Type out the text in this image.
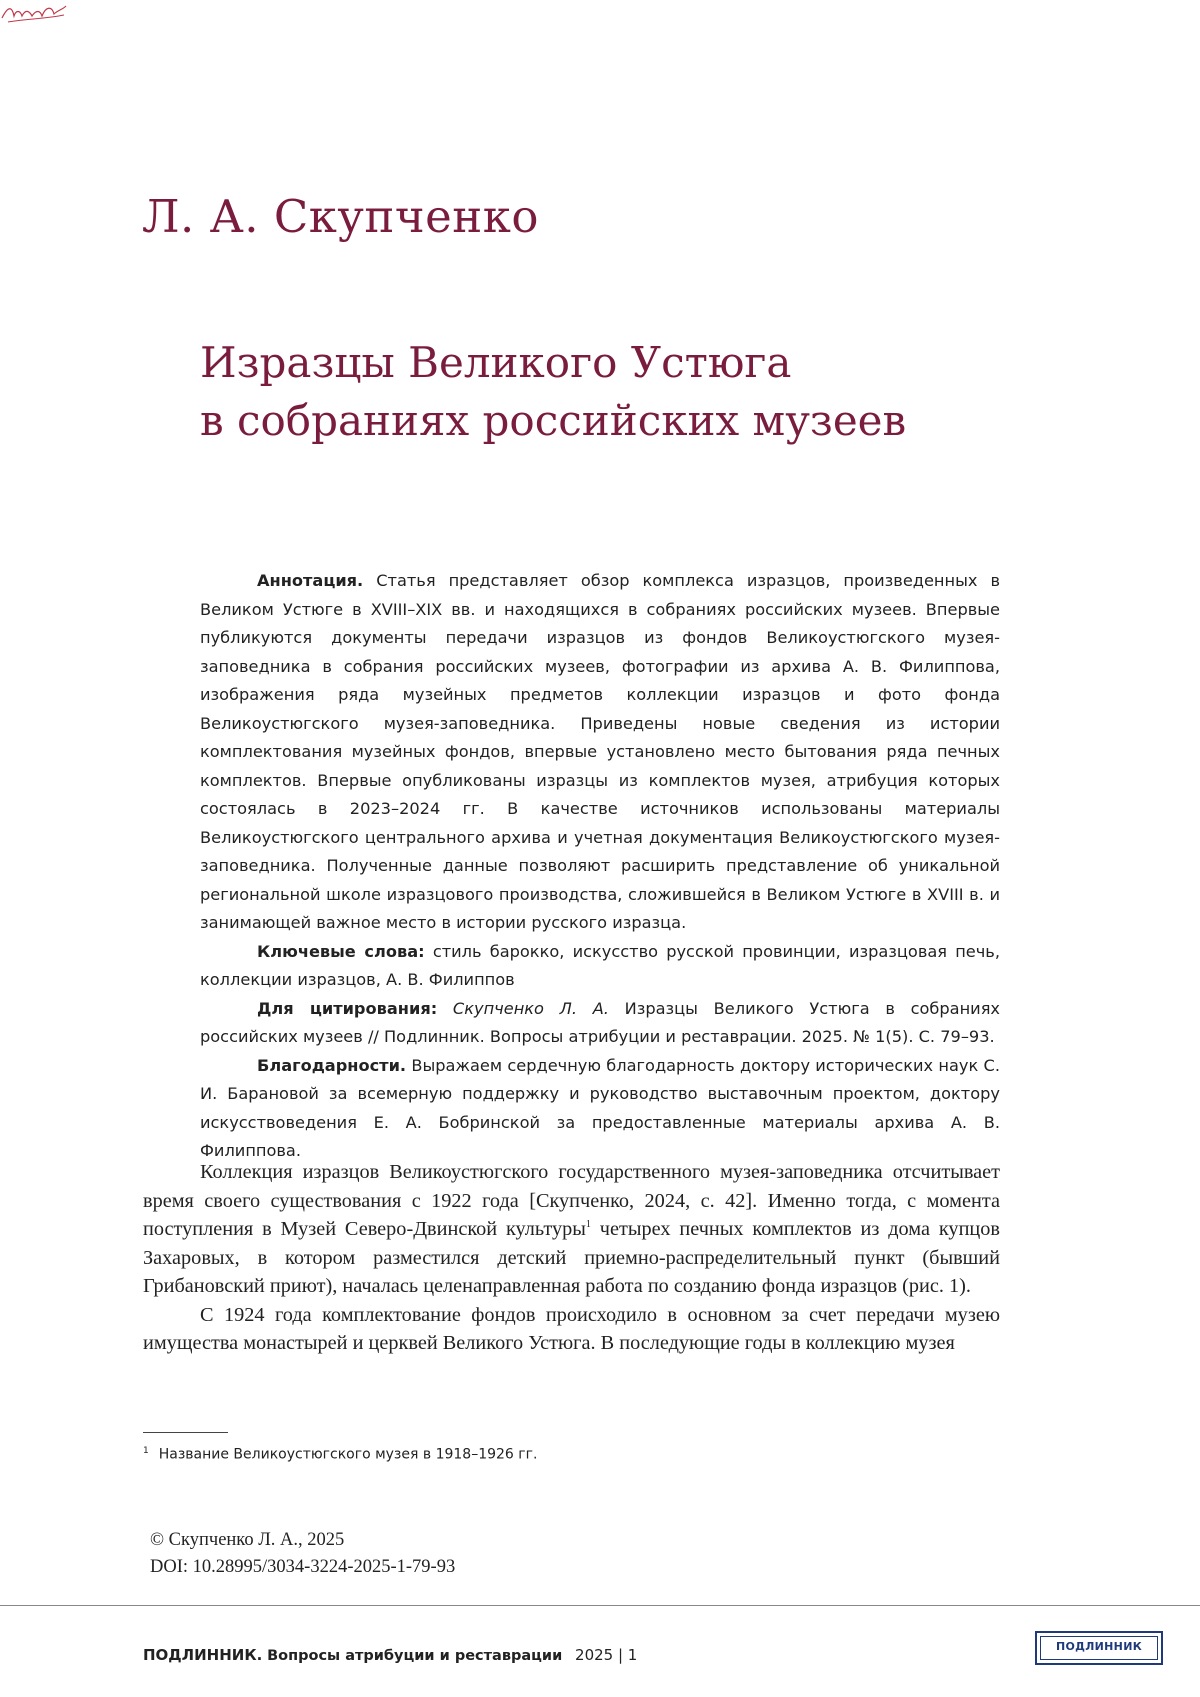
Л. А. Скупченко
Изразцы Великого Устюга
в собраниях российских музеев

Аннотация. Статья представляет обзор комплекса изразцов, произведенных в Великом Устюге в XVIII–XIX вв. и находящихся в собраниях российских музеев. Впервые публикуются документы передачи изразцов из фондов Великоустюгского музея-заповедника в собрания российских музеев, фотографии из архива А. В. Филиппова, изображения ряда музейных предметов коллекции изразцов и фото фонда Великоустюгского музея-заповедника. Приведены новые сведения из истории комплектования музейных фондов, впервые установлено место бытования ряда печных комплектов. Впервые опубликованы изразцы из комплектов музея, атрибуция которых состоялась в 2023–2024 гг. В качестве источников использованы материалы Великоустюгского центрального архива и учетная документация Великоустюгского музея-заповедника. Полученные данные позволяют расширить представление об уникальной региональной школе изразцового производства, сложившейся в Великом Устюге в XVIII в. и занимающей важное место в истории русского изразца.

Ключевые слова: стиль барокко, искусство русской провинции, изразцовая печь, коллекции изразцов, А. В. Филиппов

Для цитирования: Скупченко Л. А. Изразцы Великого Устюга в собраниях российских музеев // Подлинник. Вопросы атрибуции и реставрации. 2025. № 1(5). С. 79–93.

Благодарности. Выражаем сердечную благодарность доктору исторических наук С. И. Барановой за всемерную поддержку и руководство выставочным проектом, доктору искусствоведения Е. А. Бобринской за предоставленные материалы архива А. В. Филиппова.

Коллекция изразцов Великоустюгского государственного музея-заповедника отсчитывает время своего существования с 1922 года [Скупченко, 2024, с. 42]. Именно тогда, с момента поступления в Музей Северо-Двинской культуры1 четырех печных комплектов из дома купцов Захаровых, в котором разместился детский приемно-распределительный пункт (бывший Грибановский приют), началась целенаправленная работа по созданию фонда изразцов (рис. 1).

С 1924 года комплектование фондов происходило в основном за счет передачи музею имущества монастырей и церквей Великого Устюга. В последующие годы в коллекцию музея

1 Название Великоустюгского музея в 1918–1926 гг.
© Скупченко Л. А., 2025
DOI: 10.28995/3034-3224-2025-1-79-93
ПОДЛИННИК. Вопросы атрибуции и реставрации 2025 | 1	ПОДЛИННИК
